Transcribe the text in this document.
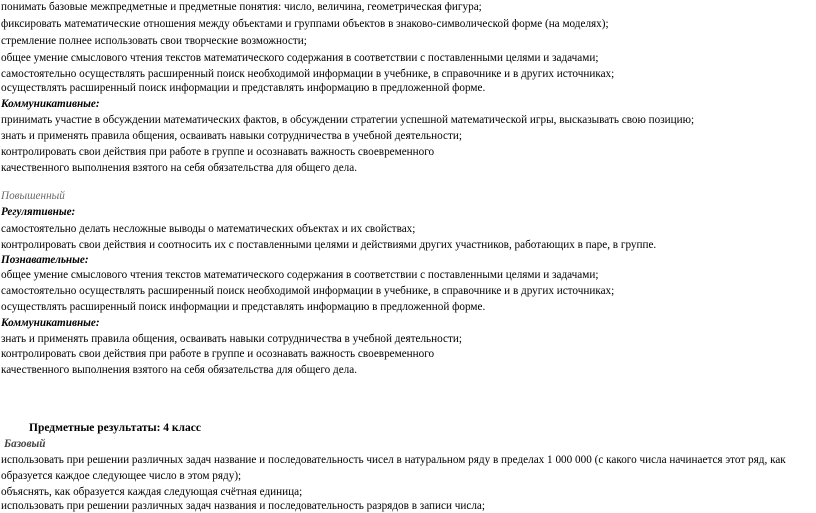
понимать базовые межпредметные и предметные понятия: число, величина, геометрическая фигура;
фиксировать математические отношения между объектами и группами объектов в знаково-символической форме (на моделях);
стремление полнее использовать свои творческие возможности;
общее умение смыслового чтения текстов математического содержания в соответствии с поставленными целями и задачами;
самостоятельно осуществлять расширенный поиск необходимой информации в учебнике, в справочнике и в других источниках;
осуществлять расширенный поиск информации и представлять информацию в предложенной форме.
Коммуникативные:
принимать участие в обсуждении математических фактов, в обсуждении стратегии успешной математической игры, высказывать свою позицию;
знать и применять правила общения, осваивать навыки сотрудничества в учебной деятельности;
контролировать свои действия при работе в группе и осознавать важность своевременного
качественного выполнения взятого на себя обязательства для общего дела.
Повышенный
Регулятивные:
самостоятельно делать несложные выводы о математических объектах и их свойствах;
контролировать свои действия и соотносить их с поставленными целями и действиями других участников, работающих в паре, в группе.
Познавательные:
общее умение смыслового чтения текстов математического содержания в соответствии с поставленными целями и задачами;
самостоятельно осуществлять расширенный поиск необходимой информации в учебнике, в справочнике и в других источниках;
осуществлять расширенный поиск информации и представлять информацию в предложенной форме.
Коммуникативные:
знать и применять правила общения, осваивать навыки сотрудничества в учебной деятельности;
контролировать свои действия при работе в группе и осознавать важность своевременного
качественного выполнения взятого на себя обязательства для общего дела.
Предметные результаты: 4 класс
Базовый
использовать при решении различных задач название и последовательность чисел в натуральном ряду в пределах 1 000 000 (с какого числа начинается этот ряд, как
образуется каждое следующее число в этом ряду);
объяснять, как образуется каждая следующая счётная единица;
использовать при решении различных задач названия и последовательность разрядов в записи числа;
